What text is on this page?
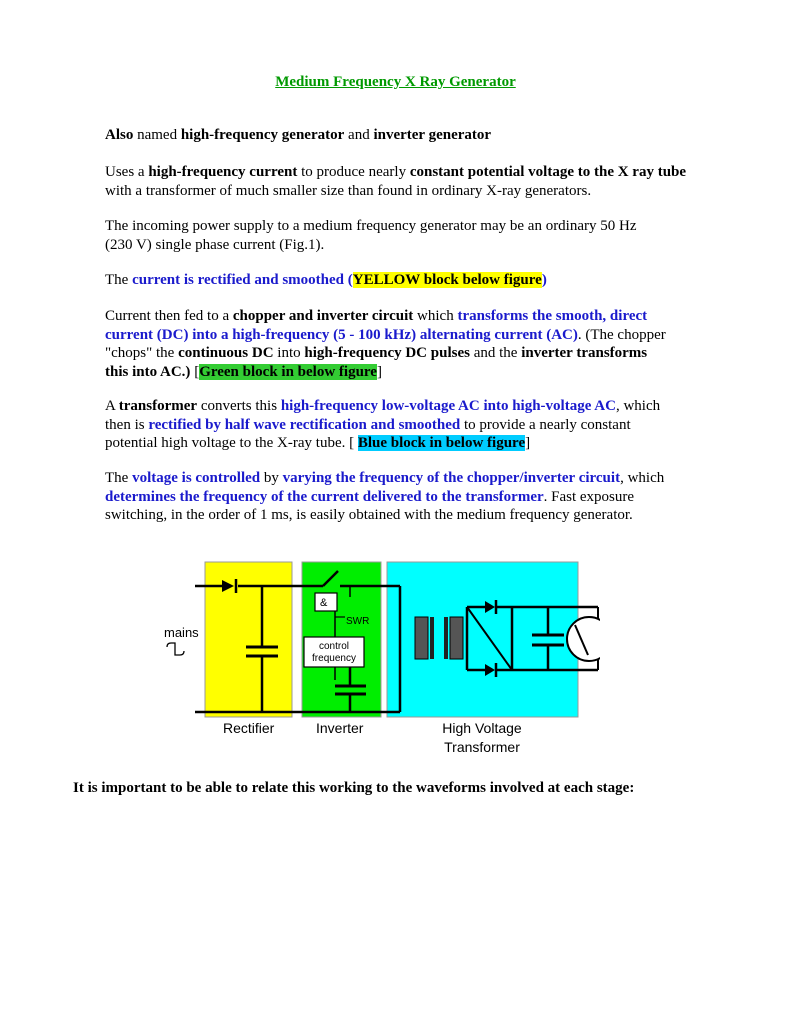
Medium Frequency X Ray Generator

Also named high-frequency generator and inverter generator

Uses a high-frequency current to produce nearly constant potential voltage to the X ray tube with a transformer of much smaller size than found in ordinary X-ray generators.

The incoming power supply to a medium frequency generator may be an ordinary 50 Hz
(230 V) single phase current (Fig.1).

The current is rectified and smoothed (YELLOW block below figure)

Current then fed to a chopper and inverter circuit which transforms the smooth, direct
current (DC) into a high-frequency (5 - 100 kHz) alternating current (AC). (The chopper
"chops" the continuous DC into high-frequency DC pulses and the inverter transforms
this into AC.) [Green block in below figure]

A transformer converts this high-frequency low-voltage AC into high-voltage AC, which
then is rectified by half wave rectification and smoothed to provide a nearly constant
potential high voltage to the X-ray tube. [ Blue block in below figure]

The voltage is controlled by varying the frequency of the chopper/inverter circuit, which
determines the frequency of the current delivered to the transformer. Fast exposure
switching, in the order of 1 ms, is easily obtained with the medium frequency generator.

mains
&
SWR
control
frequency
Rectifier	Inverter	High Voltage
Transformer
It is important to be able to relate this working to the waveforms involved at each stage:
